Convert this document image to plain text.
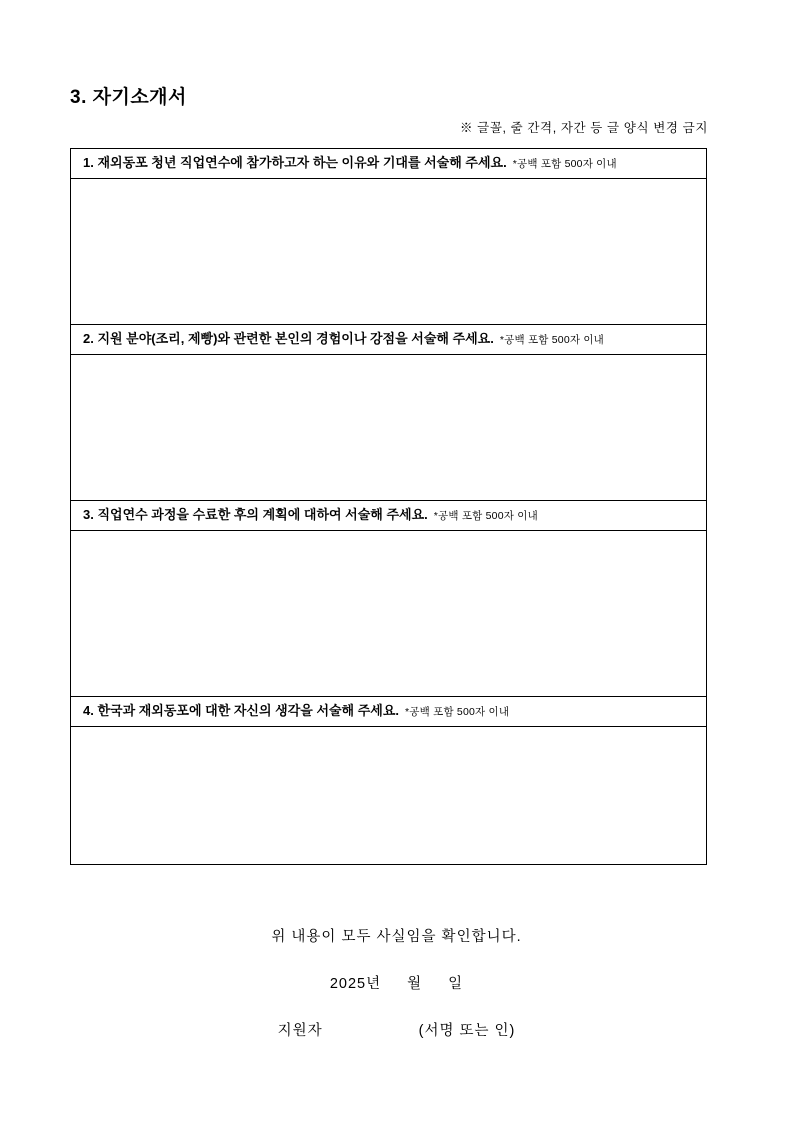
3. 자기소개서
※ 글꼴, 줄 간격, 자간 등 글 양식 변경 금지
1. 재외동포 청년 직업연수에 참가하고자 하는 이유와 기대를 서술해 주세요. *공백 포함 500자 이내
2. 지원 분야(조리, 제빵)와 관련한 본인의 경험이나 강점을 서술해 주세요. *공백 포함 500자 이내
3. 직업연수 과정을 수료한 후의 계획에 대하여 서술해 주세요. *공백 포함 500자 이내
4. 한국과 재외동포에 대한 자신의 생각을 서술해 주세요. *공백 포함 500자 이내
위 내용이 모두 사실임을 확인합니다.
2025년 월 일
지원자	(서명 또는 인)
